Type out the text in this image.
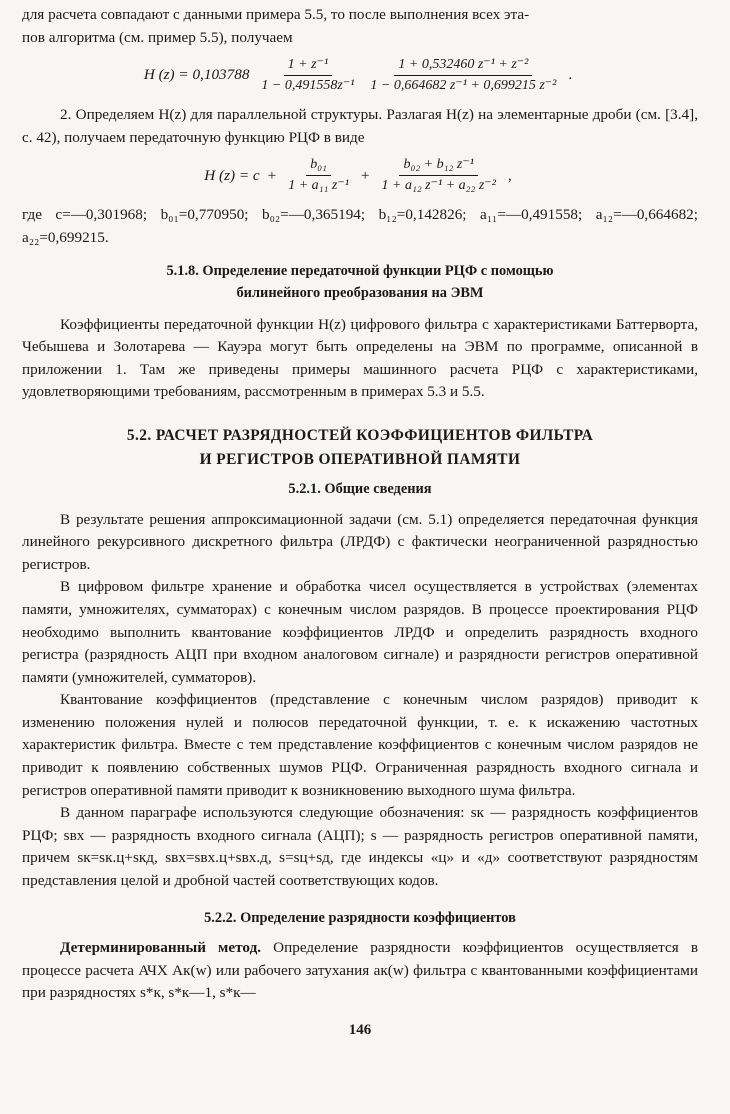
для расчета совпадают с данными примера 5.5, то после выполнения всех эта-

пов алгоритма (см. пример 5.5), получаем

H $(z) = 0,103788 \frac{\text{1 + z⁻¹}}{\text{1 − 0,491558z⁻¹}} \frac{\text{1 + 0,532460 z⁻¹ + z⁻²}}{\text{1 − 0,664682 z⁻¹ + 0,699215 z⁻²}}$ .

2. Определяем H(z) для параллельной структуры. Разлагая H(z) на элементарные дроби (см. [3.4], с. 42), получаем передаточную функцию РЦФ в виде

H $(z) = c + \frac{\text{b₀₁}}{\text{1 + a₁₁ z⁻¹}} + \frac{\text{b₀₂ + b₁₂ z⁻¹}}{\text{1 + a₁₂ z⁻¹ + a₂₂ z⁻²}}$ ,

где c=—0,301968; b₀₁=0,770950; b₀₂=—0,365194; b₁₂=0,142826; a₁₁=—0,491558; a₁₂=—0,664682; a₂₂=0,699215.

5.1.8. Определение передаточной функции РЦФ с помощью
билинейного преобразования на ЭВМ

Коэффициенты передаточной функции H(z) цифрового фильтра с характеристиками Баттерворта, Чебышева и Золотарева — Кауэра могут быть определены на ЭВМ по программе, описанной в приложении 1. Там же приведены примеры машинного расчета РЦФ с характеристиками, удовлетворяющими требованиям, рассмотренным в примерах 5.3 и 5.5.

5.2. РАСЧЕТ РАЗРЯДНОСТЕЙ КОЭФФИЦИЕНТОВ ФИЛЬТРА
И РЕГИСТРОВ ОПЕРАТИВНОЙ ПАМЯТИ
5.2.1. Общие сведения

В результате решения аппроксимационной задачи (см. 5.1) определяется передаточная функция линейного рекурсивного дискретного фильтра (ЛРДФ) с фактически неограниченной разрядностью регистров.

В цифровом фильтре хранение и обработка чисел осуществляется в устройствах (элементах памяти, умножителях, сумматорах) с конечным числом разрядов. В процессе проектирования РЦФ необходимо выполнить квантование коэффициентов ЛРДФ и определить разрядность входного регистра (разрядность АЦП при входном аналоговом сигнале) и разрядности регистров оперативной памяти (умножителей, сумматоров).

Квантование коэффициентов (представление с конечным числом разрядов) приводит к изменению положения нулей и полюсов передаточной функции, т. е. к искажению частотных характеристик фильтра. Вместе с тем представление коэффициентов с конечным числом разрядов не приводит к появлению собственных шумов РЦФ. Ограниченная разрядность входного сигнала и регистров оперативной памяти приводит к возникновению выходного шума фильтра.

В данном параграфе используются следующие обозначения: sк — разрядность коэффициентов РЦФ; sвх — разрядность входного сигнала (АЦП); s — разрядность регистров оперативной памяти, причем sк=sк.ц+sкд, sвх=sвх.ц+sвх.д, s=sц+sд, где индексы «ц» и «д» соответствуют разрядностям представления целой и дробной частей соответствующих кодов.

5.2.2. Определение разрядности коэффициентов

Детерминированный метод. Определение разрядности коэффициентов осуществляется в процессе расчета АЧХ Aк(w) или рабочего затухания aк(w) фильтра с квантованными коэффициентами при разрядностях s*к, s*к—1, s*к—

146
